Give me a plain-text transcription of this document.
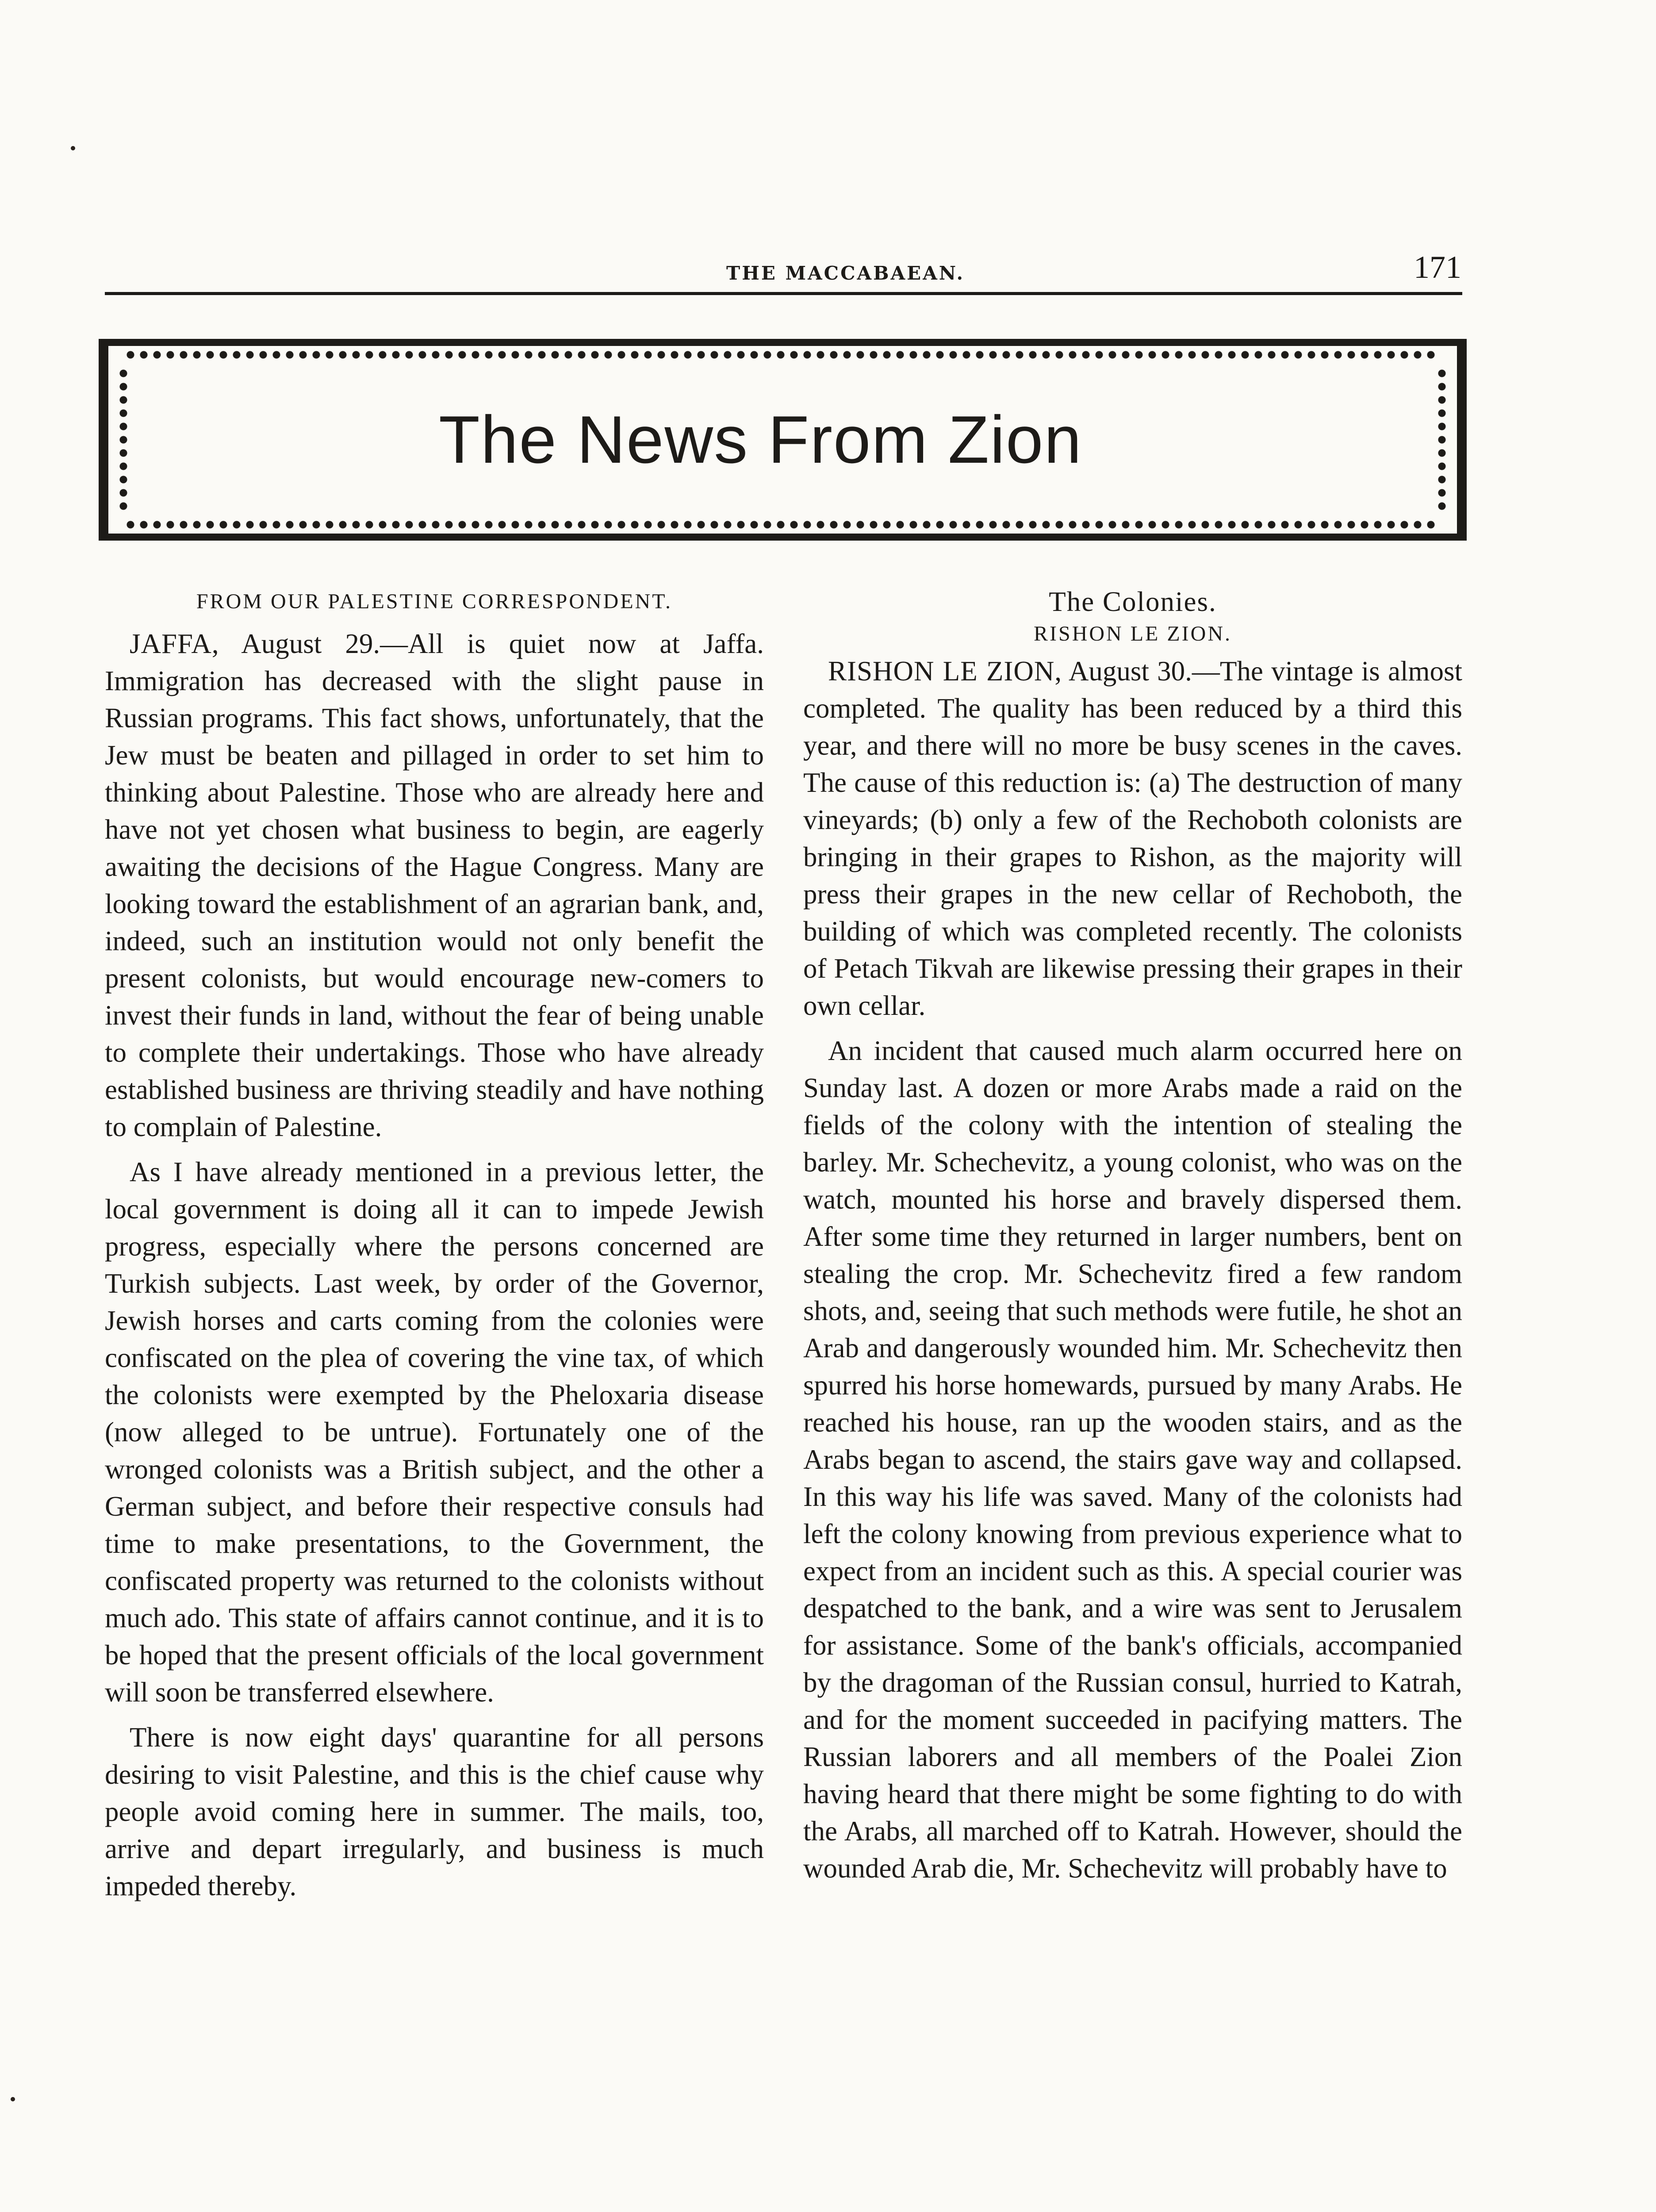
THE MACCABAEAN.	171
The News From Zion
FROM OUR PALESTINE CORRESPONDENT.

JAFFA, August 29.—All is quiet now at Jaffa. Immigration has decreased with the slight pause in Russian programs. This fact shows, unfortunately, that the Jew must be beaten and pillaged in order to set him to thinking about Palestine. Those who are already here and have not yet chosen what business to begin, are eagerly awaiting the decisions of the Hague Congress. Many are looking toward the establishment of an agrarian bank, and, indeed, such an institution would not only benefit the present colonists, but would encourage new-comers to invest their funds in land, without the fear of being unable to complete their undertakings. Those who have already established business are thriving steadily and have nothing to complain of Palestine.

As I have already mentioned in a previous letter, the local government is doing all it can to impede Jewish progress, especially where the persons concerned are Turkish subjects. Last week, by order of the Governor, Jewish horses and carts coming from the colonies were confiscated on the plea of covering the vine tax, of which the colonists were exempted by the Pheloxaria disease (now alleged to be untrue). Fortunately one of the wronged colonists was a British subject, and the other a German subject, and before their respective consuls had time to make presentations, to the Government, the confiscated property was returned to the colonists without much ado. This state of affairs cannot continue, and it is to be hoped that the present officials of the local government will soon be transferred elsewhere.

There is now eight days' quarantine for all persons desiring to visit Palestine, and this is the chief cause why people avoid coming here in summer. The mails, too, arrive and depart irregularly, and business is much impeded thereby.

The Colonies.
RISHON LE ZION.

RISHON LE ZION, August 30.—The vintage is almost completed. The quality has been reduced by a third this year, and there will no more be busy scenes in the caves. The cause of this reduction is: (a) The destruction of many vineyards; (b) only a few of the Rechoboth colonists are bringing in their grapes to Rishon, as the majority will press their grapes in the new cellar of Rechoboth, the building of which was completed recently. The colonists of Petach Tikvah are likewise pressing their grapes in their own cellar.

An incident that caused much alarm occurred here on Sunday last. A dozen or more Arabs made a raid on the fields of the colony with the intention of stealing the barley. Mr. Schechevitz, a young colonist, who was on the watch, mounted his horse and bravely dispersed them. After some time they returned in larger numbers, bent on stealing the crop. Mr. Schechevitz fired a few random shots, and, seeing that such methods were futile, he shot an Arab and dangerously wounded him. Mr. Schechevitz then spurred his horse homewards, pursued by many Arabs. He reached his house, ran up the wooden stairs, and as the Arabs began to ascend, the stairs gave way and collapsed. In this way his life was saved. Many of the colonists had left the colony knowing from previous experience what to expect from an incident such as this. A special courier was despatched to the bank, and a wire was sent to Jerusalem for assistance. Some of the bank's officials, accompanied by the dragoman of the Russian consul, hurried to Katrah, and for the moment succeeded in pacifying matters. The Russian laborers and all members of the Poalei Zion having heard that there might be some fighting to do with the Arabs, all marched off to Katrah. However, should the wounded Arab die, Mr. Schechevitz will probably have to
